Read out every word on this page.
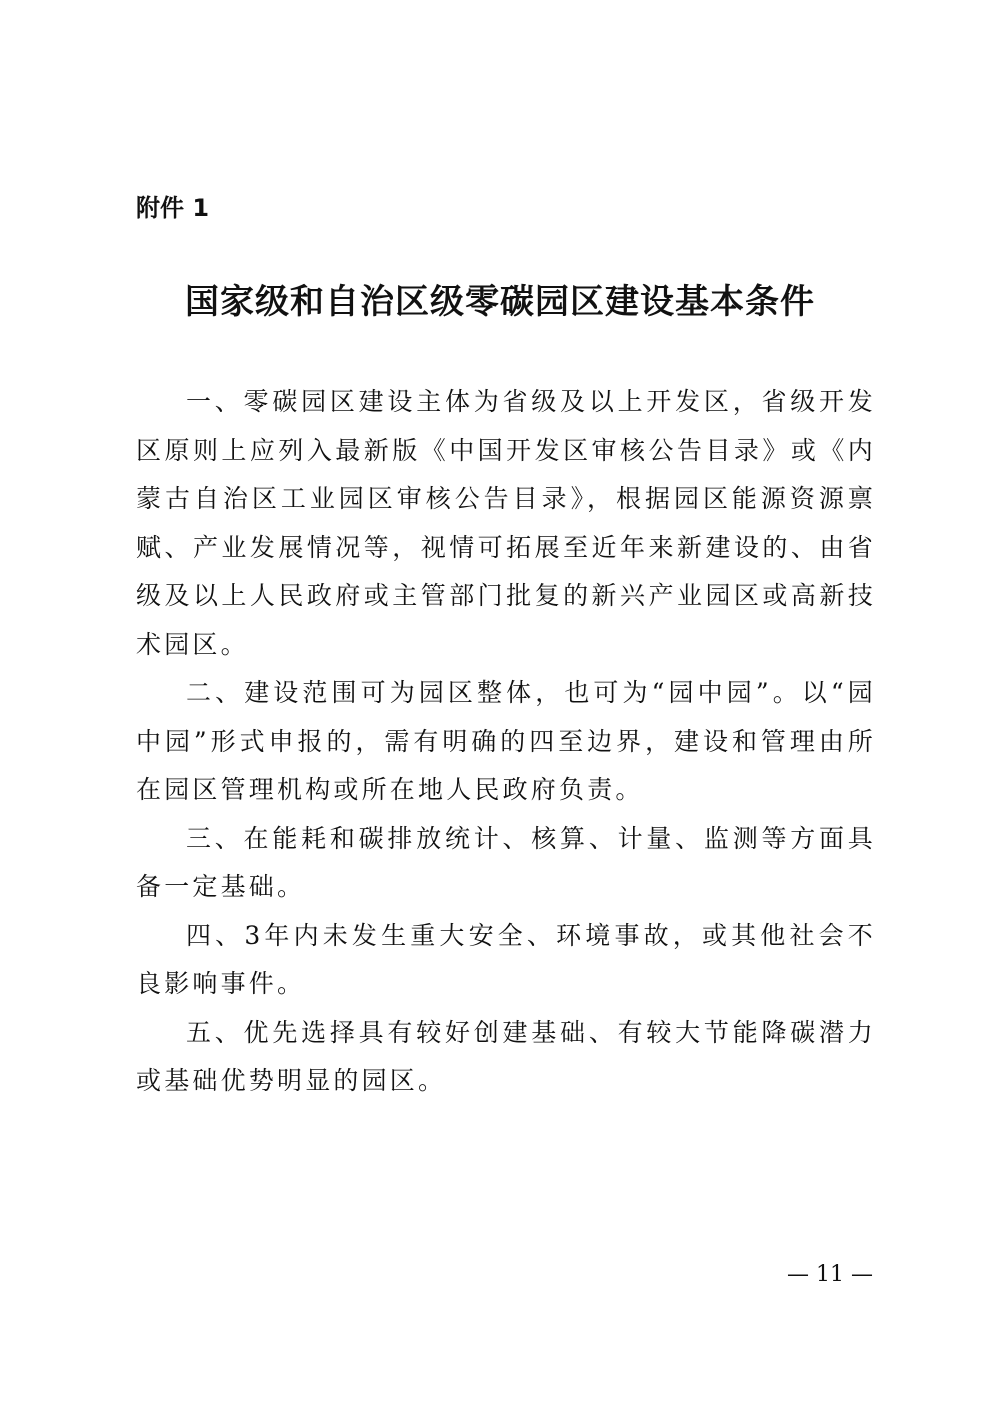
附件 1
国家级和自治区级零碳园区建设基本条件

一、零碳园区建设主体为省级及以上开发区，省级开发区原则上应列入最新版《中国开发区审核公告目录》或《内蒙古自治区工业园区审核公告目录》，根据园区能源资源禀赋、产业发展情况等，视情可拓展至近年来新建设的、由省级及以上人民政府或主管部门批复的新兴产业园区或高新技术园区。

二、建设范围可为园区整体，也可为“园中园”。以“园中园”形式申报的，需有明确的四至边界，建设和管理由所在园区管理机构或所在地人民政府负责。

三、在能耗和碳排放统计、核算、计量、监测等方面具备一定基础。

四、3年内未发生重大安全、环境事故，或其他社会不良影响事件。

五、优先选择具有较好创建基础、有较大节能降碳潜力或基础优势明显的园区。

— 11 —
